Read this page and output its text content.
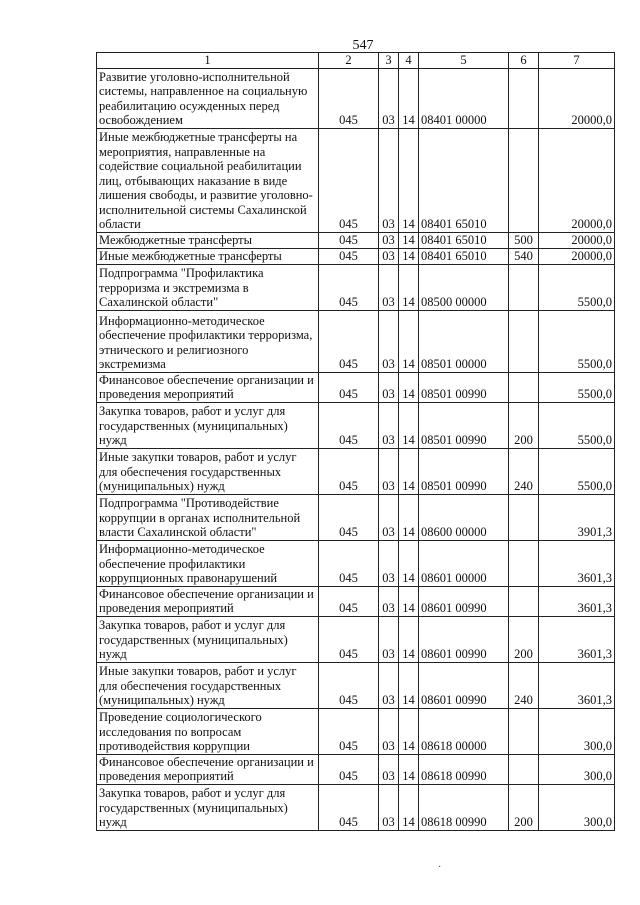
547
1	2	3	4	5	6	7
Развитие уголовно-исполнительной системы, направленное на социальную реабилитацию осужденных перед освобождением	045	03	14	08401 00000		20000,0
Иные межбюджетные трансферты на мероприятия, направленные на содействие социальной реабилитации лиц, отбывающих наказание в виде лишения свободы, и развитие уголовно-исполнительной системы Сахалинской области	045	03	14	08401 65010		20000,0
Межбюджетные трансферты	045	03	14	08401 65010	500	20000,0
Иные межбюджетные трансферты	045	03	14	08401 65010	540	20000,0
Подпрограмма "Профилактика терроризма и экстремизма в Сахалинской области"	045	03	14	08500 00000		5500,0
Информационно-методическое обеспечение профилактики терроризма, этнического и религиозного экстремизма	045	03	14	08501 00000		5500,0
Финансовое обеспечение организации и проведения мероприятий	045	03	14	08501 00990		5500,0
Закупка товаров, работ и услуг для государственных (муниципальных) нужд	045	03	14	08501 00990	200	5500,0
Иные закупки товаров, работ и услуг для обеспечения государственных (муниципальных) нужд	045	03	14	08501 00990	240	5500,0
Подпрограмма "Противодействие коррупции в органах исполнительной власти Сахалинской области"	045	03	14	08600 00000		3901,3
Информационно-методическое обеспечение профилактики коррупционных правонарушений	045	03	14	08601 00000		3601,3
Финансовое обеспечение организации и проведения мероприятий	045	03	14	08601 00990		3601,3
Закупка товаров, работ и услуг для государственных (муниципальных) нужд	045	03	14	08601 00990	200	3601,3
Иные закупки товаров, работ и услуг для обеспечения государственных (муниципальных) нужд	045	03	14	08601 00990	240	3601,3
Проведение социологического исследования по вопросам противодействия коррупции	045	03	14	08618 00000		300,0
Финансовое обеспечение организации и проведения мероприятий	045	03	14	08618 00990		300,0
Закупка товаров, работ и услуг для государственных (муниципальных) нужд	045	03	14	08618 00990	200	300,0
·
